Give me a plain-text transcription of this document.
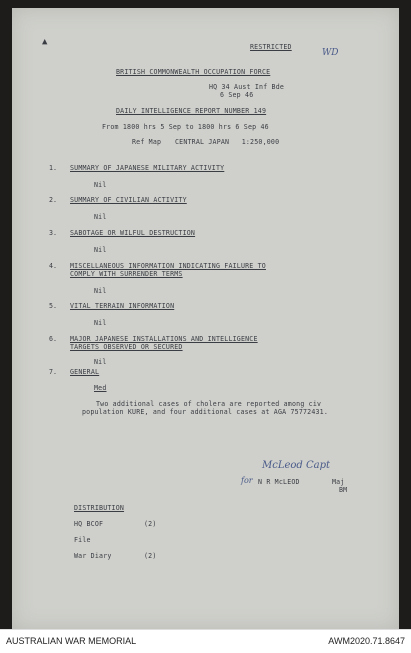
▲	RESTRICTED
WD
BRITISH COMMONWEALTH OCCUPATION FORCE
HQ 34 Aust Inf Bde
6 Sep 46
DAILY INTELLIGENCE REPORT NUMBER 149
From 1800 hrs 5 Sep to 1800 hrs 6 Sep 46
Ref Map CENTRAL JAPAN   1:250,000
1. SUMMARY OF JAPANESE MILITARY ACTIVITY
Nil
2. SUMMARY OF CIVILIAN ACTIVITY
Nil
3. SABOTAGE OR WILFUL DESTRUCTION
Nil
4. MISCELLANEOUS INFORMATION INDICATING FAILURE TO
COMPLY WITH SURRENDER TERMS
Nil
5. VITAL TERRAIN INFORMATION
Nil
6. MAJOR JAPANESE INSTALLATIONS AND INTELLIGENCE
TARGETS OBSERVED OR SECURED
Nil
7. GENERAL
Med
Two additional cases of cholera are reported among civ
population KURE, and four additional cases at AGA 75772431.
McLeod Capt
for N R McLEOD	Maj
BM
DISTRIBUTION
HQ BCOF	(2)
File
War Diary	(2)
AUSTRALIAN WAR MEMORIAL	AWM2020.71.8647
